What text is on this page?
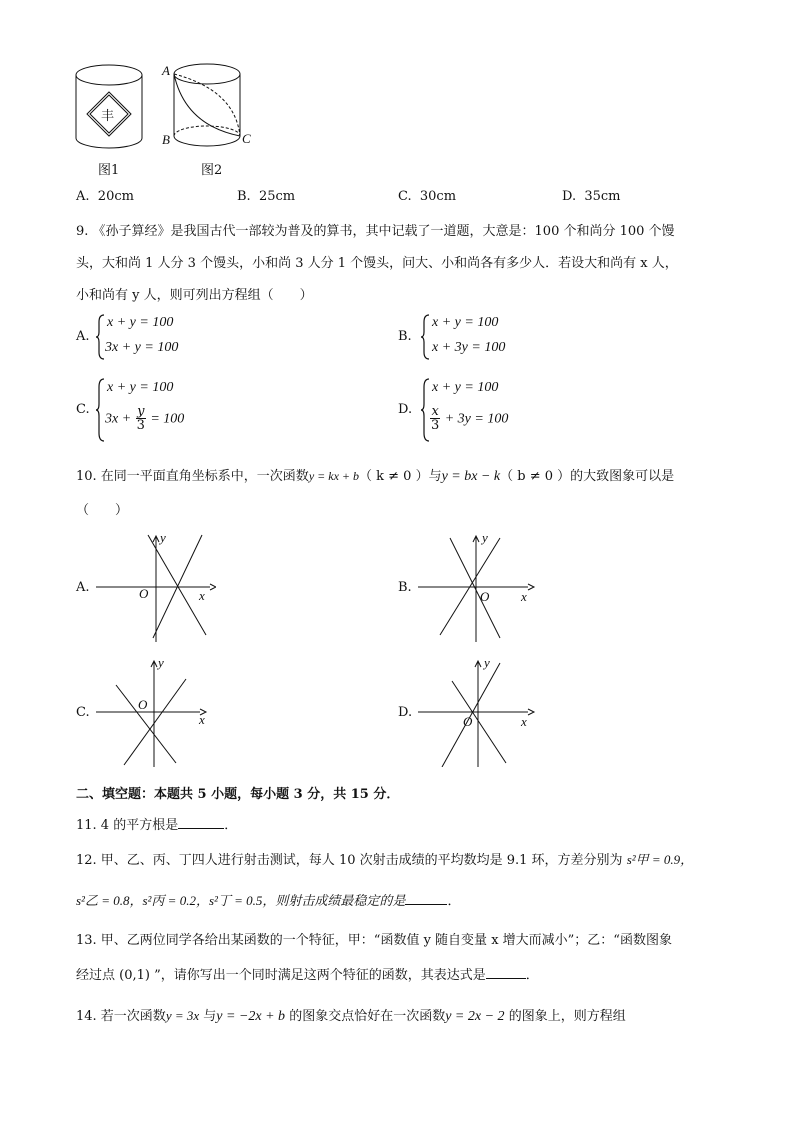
丰
A
B	C
图1	图2
A. 20cm	B. 25cm	C. 30cm	D. 35cm
9. 《孙子算经》是我国古代一部较为普及的算书，其中记载了一道题，大意是：100 个和尚分 100 个馒
头，大和尚 1 人分 3 个馒头，小和尚 3 人分 1 个馒头，问大、小和尚各有多少人．若设大和尚有 x 人，
小和尚有 y 人，则可列出方程组（　　）
A.
x + y = 100
3x + y = 100
B.
x + y = 100
x + 3y = 100
C.
x + y = 100
$3x + \frac{y}{3} = 100$
D.
x + y = 100
$\frac{x}{3} + 3y = 100$
10. 在同一平面直角坐标系中，一次函数y = kx + b（ k ≠ 0 ）与y = bx − k（ b ≠ 0 ）的大致图象可以是
（　　）
A.
y
O	x
B.
y
O x
C.
y
O
x	D.
y
O	x
二、填空题：本题共 5 小题，每小题 3 分，共 15 分．
11. 4 的平方根是	．
12. 甲、乙、丙、丁四人进行射击测试，每人 10 次射击成绩的平均数均是 9.1 环，方差分别为 s²甲 = 0.9，
s²乙 = 0.8，s²丙 = 0.2，s²丁 = 0.5，则射击成绩最稳定的是	．
13. 甲、乙两位同学各给出某函数的一个特征，甲：“函数值 y 随自变量 x 增大而减小”；乙：“函数图象
经过点 (0,1) ”，请你写出一个同时满足这两个特征的函数，其表达式是	．
14. 若一次函数y = 3x 与y = −2x + b 的图象交点恰好在一次函数y = 2x − 2 的图象上，则方程组
